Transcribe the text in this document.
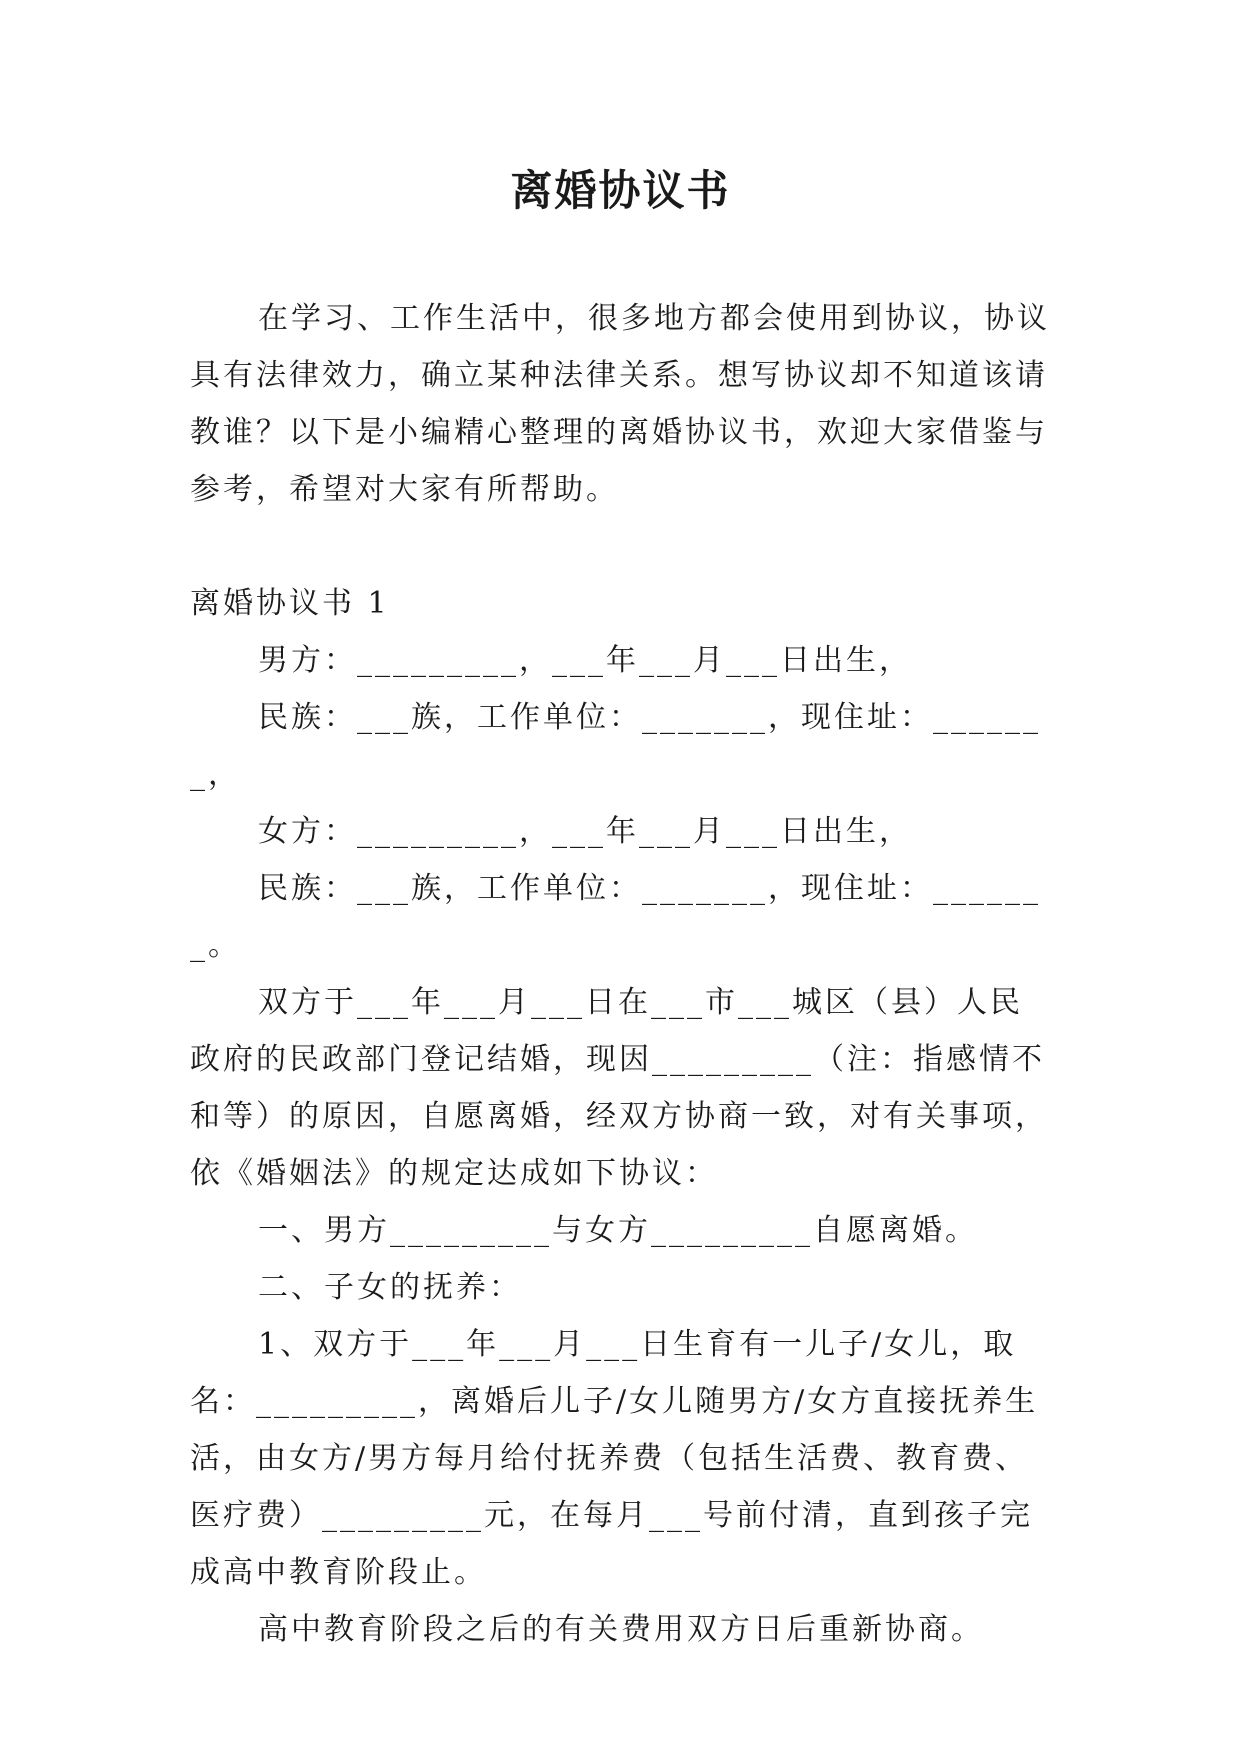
离婚协议书

在学习、工作生活中，很多地方都会使用到协议，协议具有法律效力，确立某种法律关系。想写协议却不知道该请教谁？以下是小编精心整理的离婚协议书，欢迎大家借鉴与参考，希望对大家有所帮助。

离婚协议书 1

男方：_________，___年___月___日出生，

民族：___族，工作单位：_______，现住址：_______，

女方：_________，___年___月___日出生，

民族：___族，工作单位：_______，现住址：_______。

双方于___年___月___日在___市___城区（县）人民政府的民政部门登记结婚，现因_________（注：指感情不和等）的原因，自愿离婚，经双方协商一致，对有关事项，依《婚姻法》的规定达成如下协议：

一、男方_________与女方_________自愿离婚。

二、子女的抚养：

1、双方于___年___月___日生育有一儿子/女儿，取名：_________，离婚后儿子/女儿随男方/女方直接抚养生活，由女方/男方每月给付抚养费（包括生活费、教育费、医疗费）_________元，在每月___号前付清，直到孩子完成高中教育阶段止。

高中教育阶段之后的有关费用双方日后重新协商。
